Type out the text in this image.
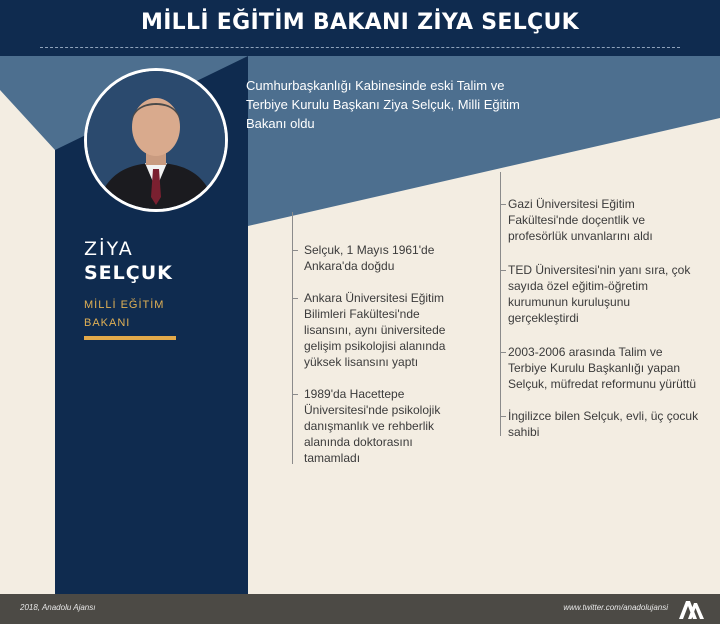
MİLLİ EĞİTİM BAKANI ZİYA SELÇUK

Cumhurbaşkanlığı Kabinesinde eski Talim ve Terbiye Kurulu Başkanı Ziya Selçuk, Milli Eğitim Bakanı oldu

ZİYA

SELÇUK

MİLLİ EĞİTİM BAKANI

Selçuk, 1 Mayıs 1961'de Ankara'da doğdu

Ankara Üniversitesi Eğitim Bilimleri Fakültesi'nde lisansını, aynı üniversitede gelişim psikolojisi alanında yüksek lisansını yaptı

1989'da Hacettepe Üniversitesi'nde psikolojik danışmanlık ve rehberlik alanında doktorasını tamamladı

Gazi Üniversitesi Eğitim Fakültesi'nde doçentlik ve profesörlük unvanlarını aldı

TED Üniversitesi'nin yanı sıra, çok sayıda özel eğitim-öğretim kurumunun kuruluşunu gerçekleştirdi

2003-2006 arasında Talim ve Terbiye Kurulu Başkanlığı yapan Selçuk, müfredat reformunu yürüttü

İngilizce bilen Selçuk, evli, üç çocuk sahibi

2018, Anadolu Ajansı	www.twitter.com/anadolujansi
